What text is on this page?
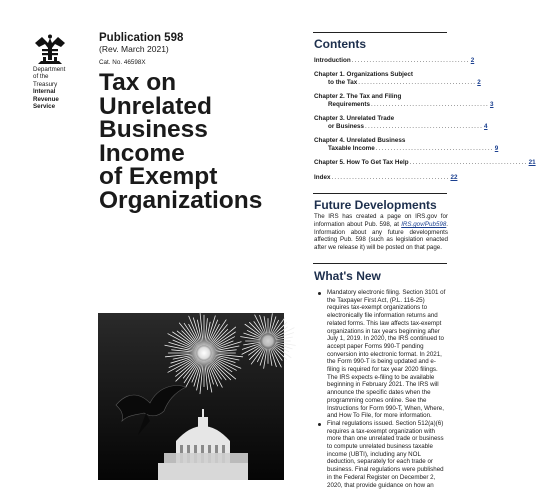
Department
of the
Treasury
Internal
Revenue
Service
Publication 598
(Rev. March 2021)
Cat. No. 46598X
Tax on
Unrelated
Business Income
of Exempt
Organizations
Contents
Introduction ........................................ 2
Chapter 1. Organizations Subject
to the Tax ........................................ 2
Chapter 2. The Tax and Filing
Requirements ........................................ 3
Chapter 3. Unrelated Trade
or Business ........................................ 4
Chapter 4. Unrelated Business
Taxable Income ........................................ 9
Chapter 5. How To Get Tax Help ........................................ 21
Index ........................................ 22
Future Developments
The IRS has created a page on IRS.gov for information about Pub. 598, at IRS.gov/Pub598. Information about any future developments affecting Pub. 598 (such as legislation enacted after we release it) will be posted on that page.
What's New
Mandatory electronic filing. Section 3101 of the Taxpayer First Act, (P.L. 116-25) requires tax-exempt organizations to electronically file information returns and related forms. This law affects tax-exempt organizations in tax years beginning after July 1, 2019. In 2020, the IRS continued to accept paper Forms 990-T pending conversion into electronic format. In 2021, the Form 990-T is being updated and e-filing is required for tax year 2020 filings. The IRS expects e-filing to be available beginning in February 2021. The IRS will announce the specific dates when the programming comes online. See the Instructions for Form 990-T, When, Where, and How To File, for more information.
Final regulations issued. Section 512(a)(6) requires a tax-exempt organization with more than one unrelated trade or business to compute unrelated business taxable income (UBTI), including any NOL deduction, separately for each trade or business. Final regulations were published in the Federal Register on December 2, 2020, that provide guidance on how an
